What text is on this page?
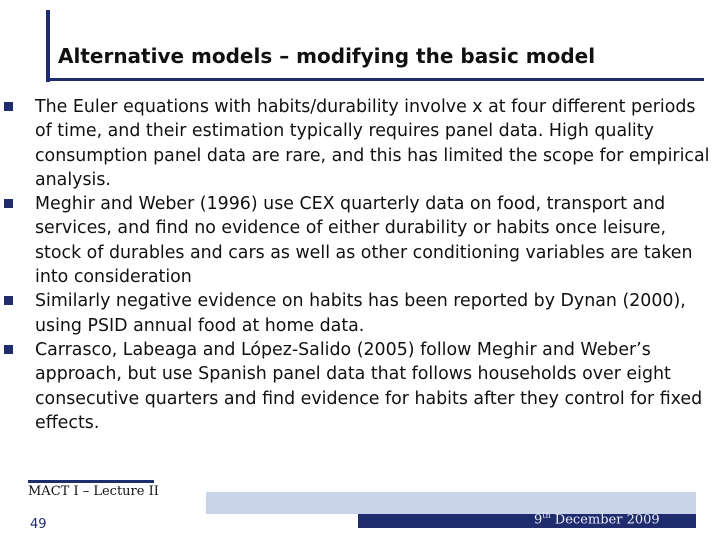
Alternative models – modifying the basic model
The Euler equations with habits/durability involve x at four different periods of time, and their estimation typically requires panel data. High quality consumption panel data are rare, and this has limited the scope for empirical analysis.
Meghir and Weber (1996) use CEX quarterly data on food, transport and services, and find no evidence of either durability or habits once leisure, stock of durables and cars as well as other conditioning variables are taken into consideration
Similarly negative evidence on habits has been reported by Dynan (2000), using PSID annual food at home data.
Carrasco, Labeaga and López-Salido (2005) follow Meghir and Weber’s approach, but use Spanish panel data that follows households over eight consecutive quarters and find evidence for habits after they control for fixed effects.
MACT I – Lecture II
49	9th December 2009
